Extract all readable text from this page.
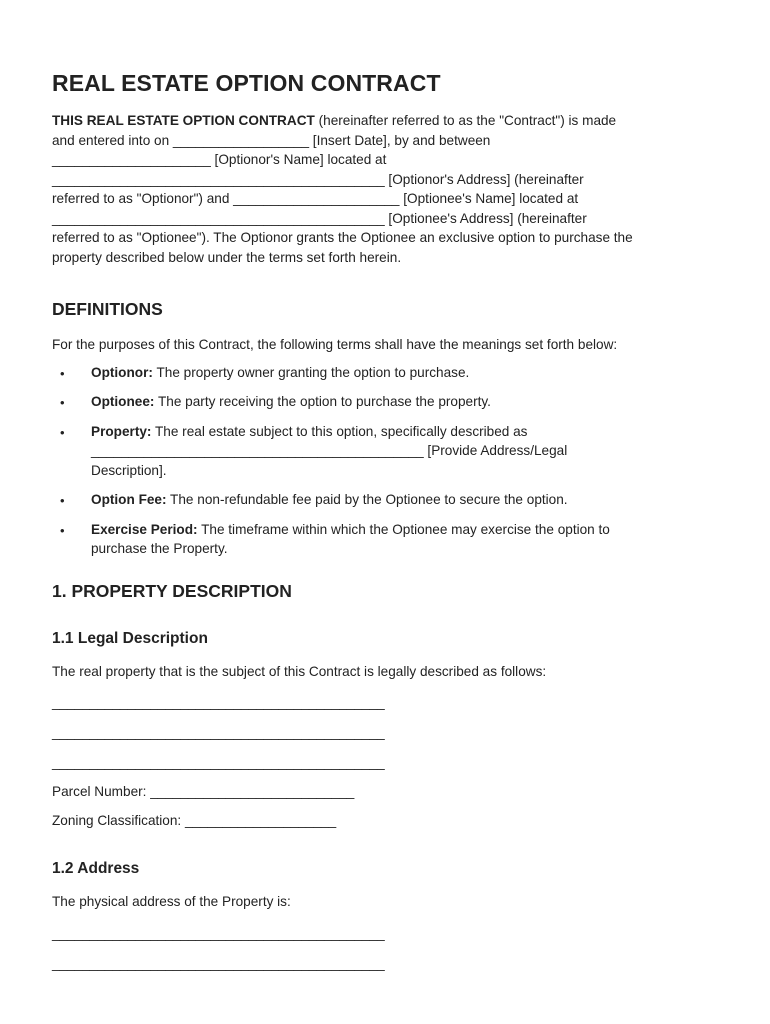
REAL ESTATE OPTION CONTRACT

THIS REAL ESTATE OPTION CONTRACT (hereinafter referred to as the "Contract") is made

and entered into on __________________ [Insert Date], by and between

_____________________ [Optionor's Name] located at

____________________________________________ [Optionor's Address] (hereinafter

referred to as "Optionor") and ______________________ [Optionee's Name] located at

____________________________________________ [Optionee's Address] (hereinafter

referred to as "Optionee"). The Optionor grants the Optionee an exclusive option to purchase the

property described below under the terms set forth herein.

DEFINITIONS

For the purposes of this Contract, the following terms shall have the meanings set forth below:

• Optionor: The property owner granting the option to purchase.
• Optionee: The party receiving the option to purchase the property.
• Property: The real estate subject to this option, specifically described as
____________________________________________ [Provide Address/Legal
Description].
• Option Fee: The non-refundable fee paid by the Optionee to secure the option.
• Exercise Period: The timeframe within which the Optionee may exercise the option to
purchase the Property.
1. PROPERTY DESCRIPTION
1.1 Legal Description

The real property that is the subject of this Contract is legally described as follows:

____________________________________________
____________________________________________
____________________________________________
Parcel Number: ___________________________
Zoning Classification: ____________________
1.2 Address

The physical address of the Property is:

____________________________________________
____________________________________________
